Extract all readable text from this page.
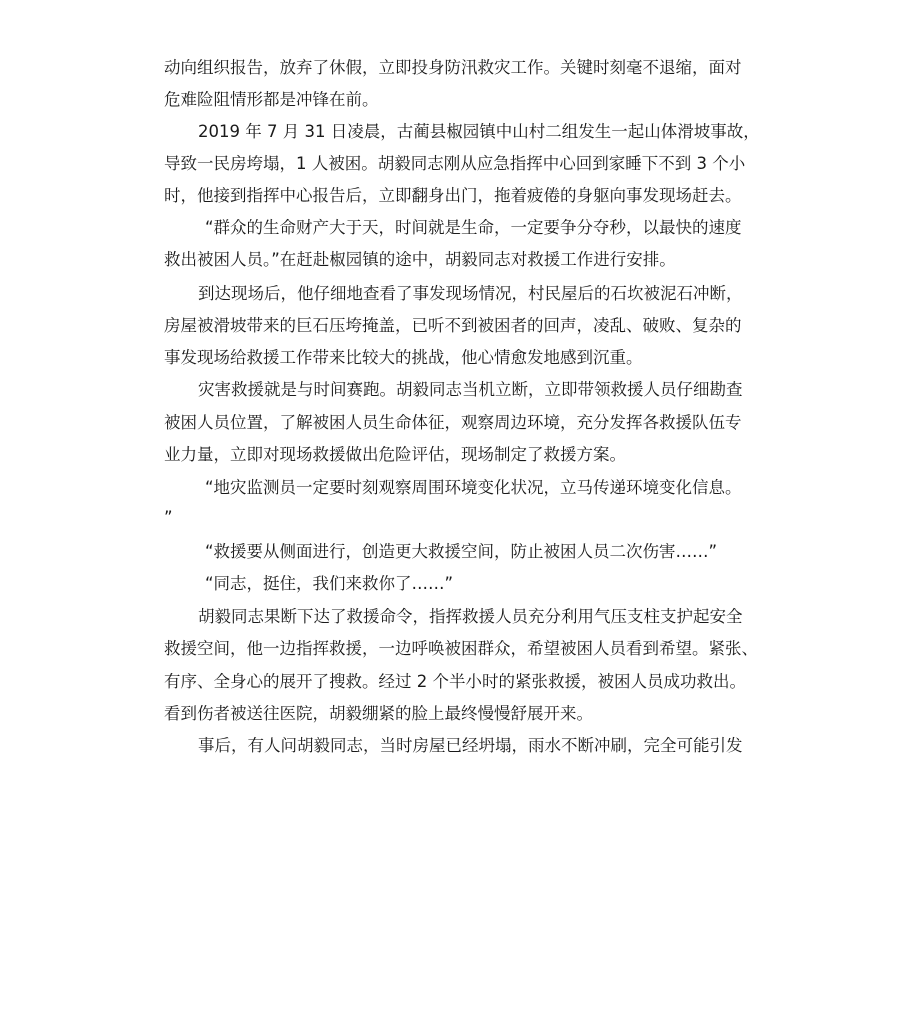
动向组织报告，放弃了休假，立即投身防汛救灾工作。关键时刻毫不退缩，面对
危难险阻情形都是冲锋在前。
2019 年 7 月 31 日凌晨，古蔺县椒园镇中山村二组发生一起山体滑坡事故，
导致一民房垮塌，1 人被困。胡毅同志刚从应急指挥中心回到家睡下不到 3 个小
时，他接到指挥中心报告后，立即翻身出门，拖着疲倦的身躯向事发现场赶去。
“群众的生命财产大于天，时间就是生命，一定要争分夺秒，以最快的速度
救出被困人员。”在赶赴椒园镇的途中，胡毅同志对救援工作进行安排。
到达现场后，他仔细地查看了事发现场情况，村民屋后的石坎被泥石冲断，
房屋被滑坡带来的巨石压垮掩盖，已听不到被困者的回声，凌乱、破败、复杂的
事发现场给救援工作带来比较大的挑战，他心情愈发地感到沉重。
灾害救援就是与时间赛跑。胡毅同志当机立断，立即带领救援人员仔细勘查
被困人员位置，了解被困人员生命体征，观察周边环境，充分发挥各救援队伍专
业力量，立即对现场救援做出危险评估，现场制定了救援方案。
“地灾监测员一定要时刻观察周围环境变化状况，立马传递环境变化信息。
”
“救援要从侧面进行，创造更大救援空间，防止被困人员二次伤害……”
“同志，挺住，我们来救你了……”
胡毅同志果断下达了救援命令，指挥救援人员充分利用气压支柱支护起安全
救援空间，他一边指挥救援，一边呼唤被困群众，希望被困人员看到希望。紧张、
有序、全身心的展开了搜救。经过 2 个半小时的紧张救援，被困人员成功救出。
看到伤者被送往医院，胡毅绷紧的脸上最终慢慢舒展开来。
事后，有人问胡毅同志，当时房屋已经坍塌，雨水不断冲刷，完全可能引发
